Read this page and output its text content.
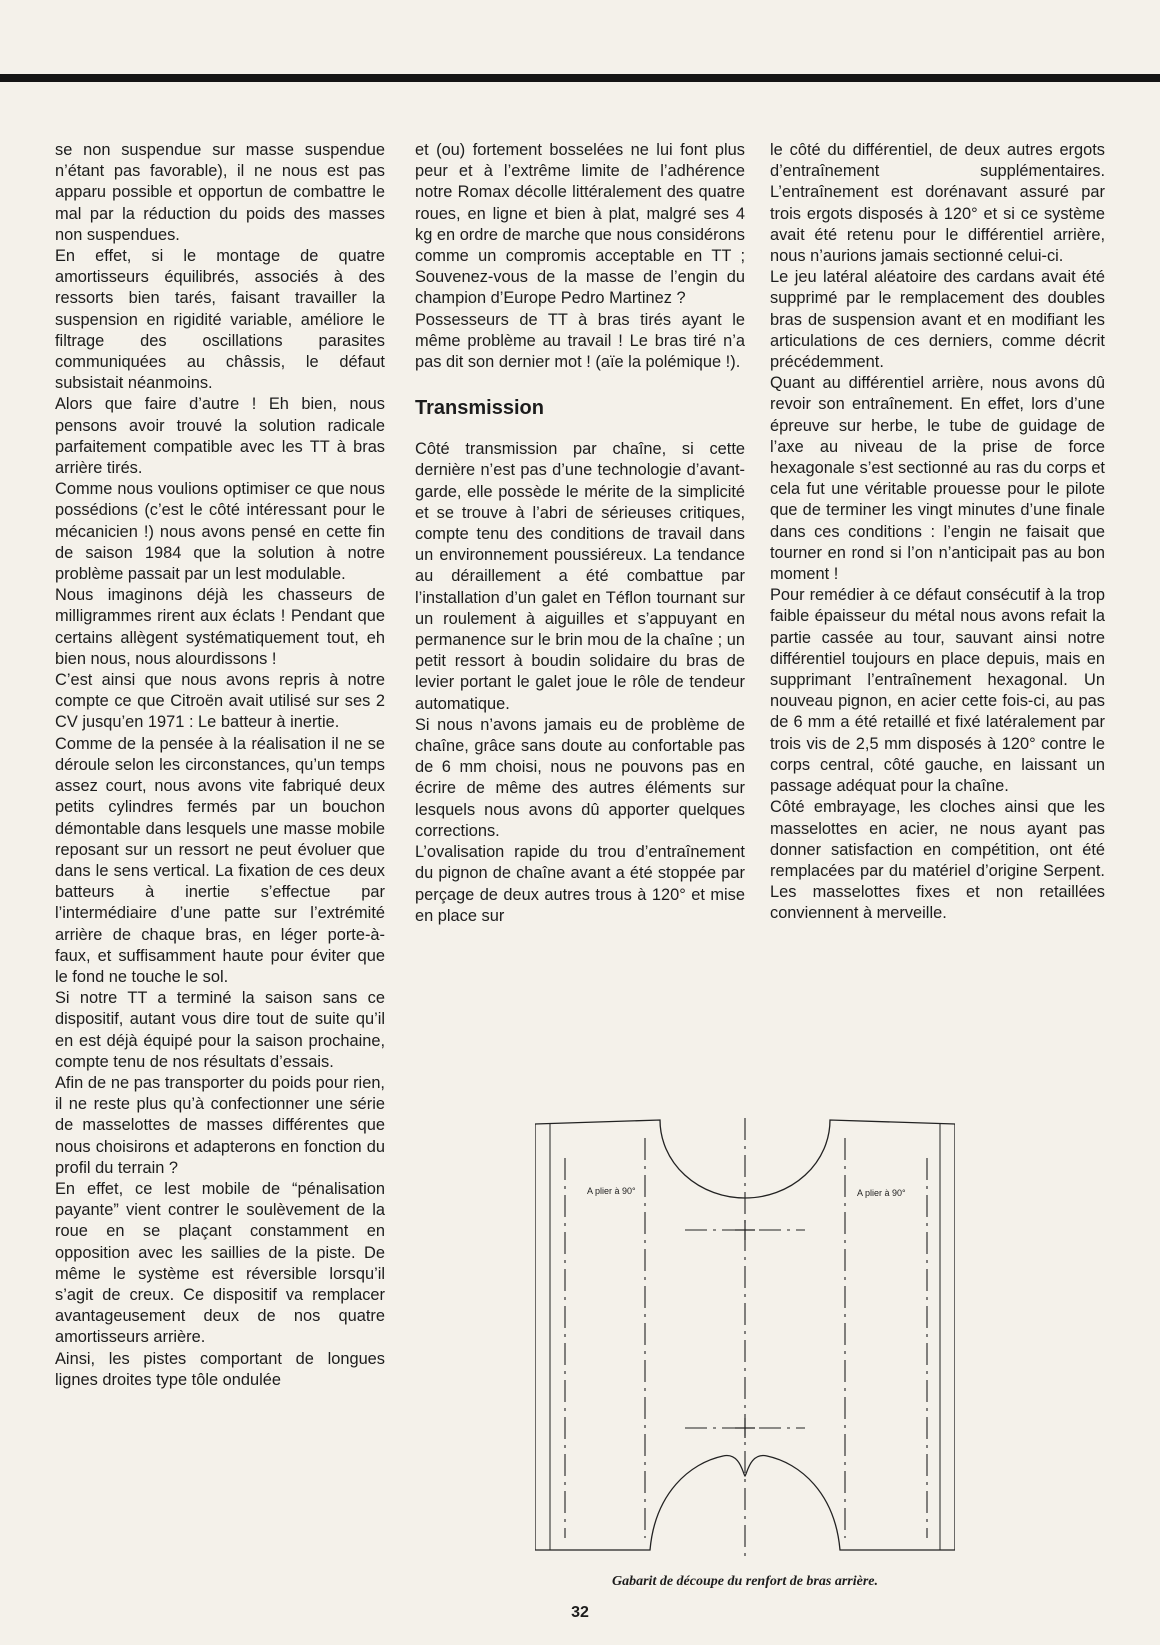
se non suspendue sur masse suspendue n’étant pas favorable), il ne nous est pas apparu possible et opportun de combattre le mal par la réduction du poids des masses non suspendues.

En effet, si le montage de quatre amortisseurs équilibrés, associés à des ressorts bien tarés, faisant travailler la suspension en rigidité variable, améliore le filtrage des oscillations parasites communiquées au châssis, le défaut subsistait néanmoins.

Alors que faire d’autre ! Eh bien, nous pensons avoir trouvé la solution radicale parfaitement compatible avec les TT à bras arrière tirés.

Comme nous voulions optimiser ce que nous possédions (c’est le côté intéressant pour le mécanicien !) nous avons pensé en cette fin de saison 1984 que la solution à notre problème passait par un lest modulable.

Nous imaginons déjà les chasseurs de milligrammes rirent aux éclats ! Pendant que certains allègent systématiquement tout, eh bien nous, nous alourdissons !

C’est ainsi que nous avons repris à notre compte ce que Citroën avait utilisé sur ses 2 CV jusqu’en 1971 : Le batteur à inertie.

Comme de la pensée à la réalisation il ne se déroule selon les circonstances, qu’un temps assez court, nous avons vite fabriqué deux petits cylindres fermés par un bouchon démontable dans lesquels une masse mobile reposant sur un ressort ne peut évoluer que dans le sens vertical. La fixation de ces deux batteurs à inertie s’effectue par l’intermédiaire d’une patte sur l’extrémité arrière de chaque bras, en léger porte-à-faux, et suffisamment haute pour éviter que le fond ne touche le sol.

Si notre TT a terminé la saison sans ce dispositif, autant vous dire tout de suite qu’il en est déjà équipé pour la saison prochaine, compte tenu de nos résultats d’essais.

Afin de ne pas transporter du poids pour rien, il ne reste plus qu’à confectionner une série de masselottes de masses différentes que nous choisirons et adapterons en fonction du profil du terrain ?

En effet, ce lest mobile de “pénalisation payante” vient contrer le soulèvement de la roue en se plaçant constamment en opposition avec les saillies de la piste. De même le système est réversible lorsqu’il s’agit de creux. Ce dispositif va remplacer avantageusement deux de nos quatre amortisseurs arrière.

Ainsi, les pistes comportant de longues lignes droites type tôle ondulée

et (ou) fortement bosselées ne lui font plus peur et à l’extrême limite de l’adhérence notre Romax décolle littéralement des quatre roues, en ligne et bien à plat, malgré ses 4 kg en ordre de marche que nous considérons comme un compromis acceptable en TT ; Souvenez-vous de la masse de l’engin du champion d’Europe Pedro Martinez ?

Possesseurs de TT à bras tirés ayant le même problème au travail ! Le bras tiré n’a pas dit son dernier mot ! (aïe la polémique !).

Transmission

Côté transmission par chaîne, si cette dernière n’est pas d’une technologie d’avant-garde, elle possède le mérite de la simplicité et se trouve à l’abri de sérieuses critiques, compte tenu des conditions de travail dans un environnement poussiéreux. La tendance au déraillement a été combattue par l’installation d’un galet en Téflon tournant sur un roulement à aiguilles et s’appuyant en permanence sur le brin mou de la chaîne ; un petit ressort à boudin solidaire du bras de levier portant le galet joue le rôle de tendeur automatique.

Si nous n’avons jamais eu de problème de chaîne, grâce sans doute au confortable pas de 6 mm choisi, nous ne pouvons pas en écrire de même des autres éléments sur lesquels nous avons dû apporter quelques corrections.

L’ovalisation rapide du trou d’entraînement du pignon de chaîne avant a été stoppée par perçage de deux autres trous à 120° et mise en place sur

le côté du différentiel, de deux autres ergots d’entraînement supplémentaires. L’entraînement est dorénavant assuré par trois ergots disposés à 120° et si ce système avait été retenu pour le différentiel arrière, nous n’aurions jamais sectionné celui-ci.

Le jeu latéral aléatoire des cardans avait été supprimé par le remplacement des doubles bras de suspension avant et en modifiant les articulations de ces derniers, comme décrit précédemment.

Quant au différentiel arrière, nous avons dû revoir son entraînement. En effet, lors d’une épreuve sur herbe, le tube de guidage de l’axe au niveau de la prise de force hexagonale s’est sectionné au ras du corps et cela fut une véritable prouesse pour le pilote que de terminer les vingt minutes d’une finale dans ces conditions : l’engin ne faisait que tourner en rond si l’on n’anticipait pas au bon moment !

Pour remédier à ce défaut consécutif à la trop faible épaisseur du métal nous avons refait la partie cassée au tour, sauvant ainsi notre différentiel toujours en place depuis, mais en supprimant l’entraînement hexagonal. Un nouveau pignon, en acier cette fois-ci, au pas de 6 mm a été retaillé et fixé latéralement par trois vis de 2,5 mm disposés à 120° contre le corps central, côté gauche, en laissant un passage adéquat pour la chaîne.

Côté embrayage, les cloches ainsi que les masselottes en acier, ne nous ayant pas donner satisfaction en compétition, ont été remplacées par du matériel d’origine Serpent. Les masselottes fixes et non retaillées conviennent à merveille.

A plier à 90°	A plier à 90°
Gabarit de découpe du renfort de bras arrière.
32
